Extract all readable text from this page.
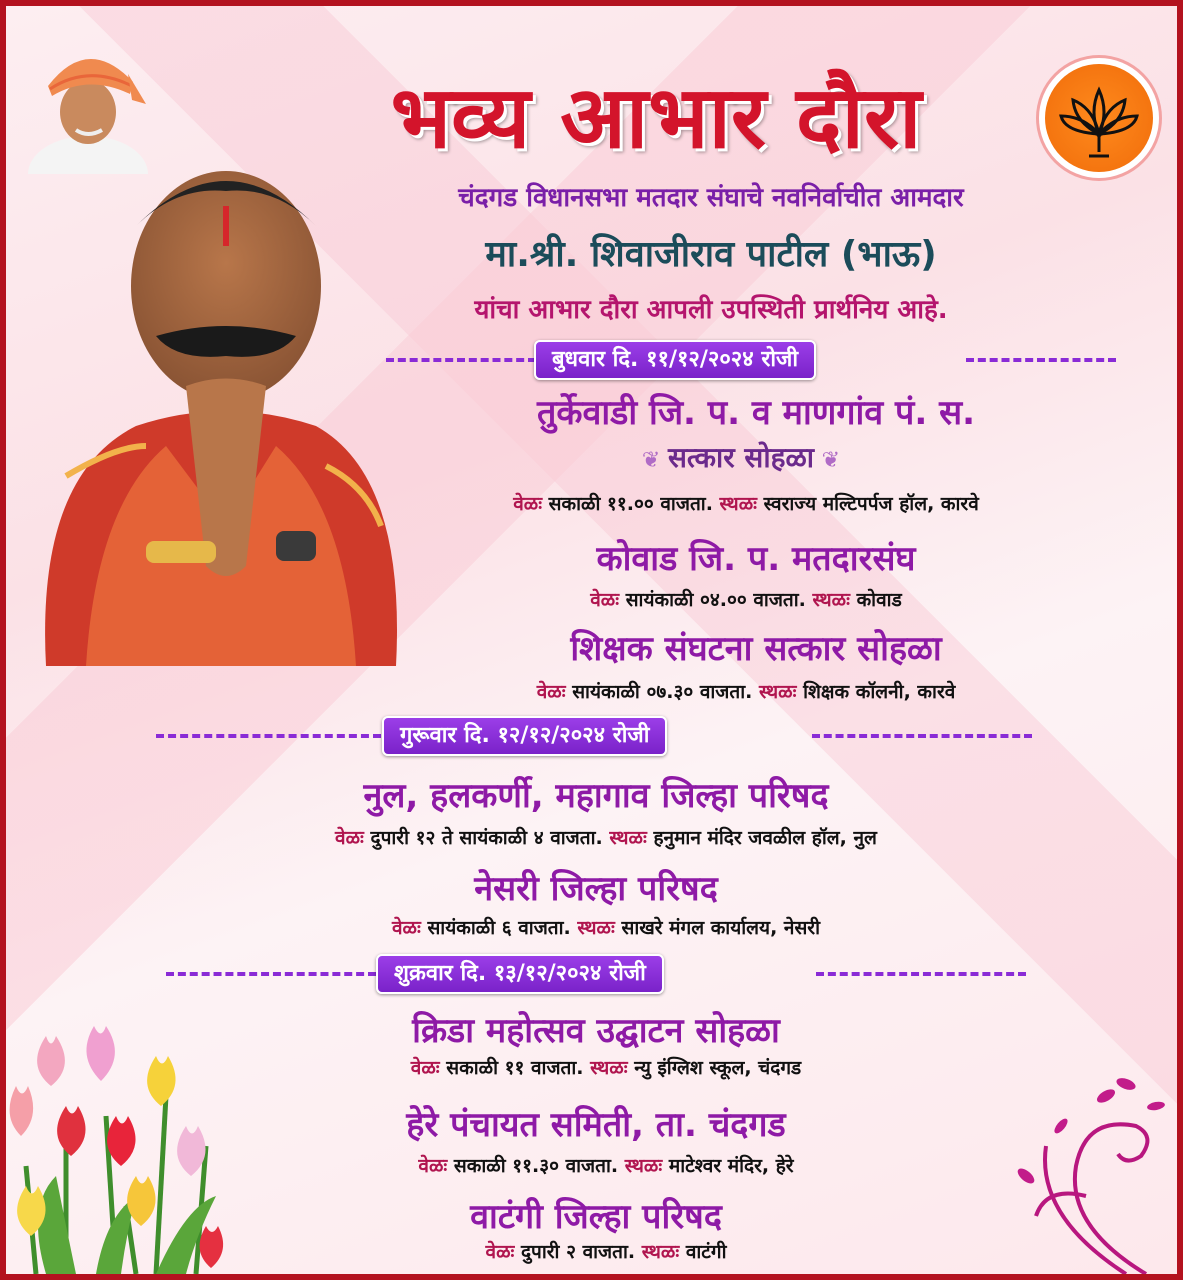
भव्य आभार दौरा
चंदगड विधानसभा मतदार संघाचे नवनिर्वाचीत आमदार
मा.श्री. शिवाजीराव पाटील (भाऊ)
यांचा आभार दौरा आपली उपस्थिती प्रार्थनिय आहे.
बुधवार दि. ११/१२/२०२४ रोजी
तुर्केवाडी जि. प. व माणगांव पं. स.
❦ सत्कार सोहळा ❦
वेळः सकाळी ११.०० वाजता. स्थळः स्वराज्य मल्टिपर्पज हॉल, कारवे
कोवाड जि. प. मतदारसंघ
वेळः सायंकाळी ०४.०० वाजता. स्थळः कोवाड
शिक्षक संघटना सत्कार सोहळा
वेळः सायंकाळी ०७.३० वाजता. स्थळः शिक्षक कॉलनी, कारवे
गुरूवार दि. १२/१२/२०२४ रोजी
नुल, हलकर्णी, महागाव जिल्हा परिषद
वेळः दुपारी १२ ते सायंकाळी ४ वाजता. स्थळः हनुमान मंदिर जवळील हॉल, नुल
नेसरी जिल्हा परिषद
वेळः सायंकाळी ६ वाजता. स्थळः साखरे मंगल कार्यालय, नेसरी
शुक्रवार दि. १३/१२/२०२४ रोजी
क्रिडा महोत्सव उद्घाटन सोहळा
वेळः सकाळी ११ वाजता. स्थळः न्यु इंग्लिश स्कूल, चंदगड
हेरे पंचायत समिती, ता. चंदगड
वेळः सकाळी ११.३० वाजता. स्थळः माटेश्वर मंदिर, हेरे
वाटंगी जिल्हा परिषद
वेळः दुपारी २ वाजता. स्थळः वाटंगी
